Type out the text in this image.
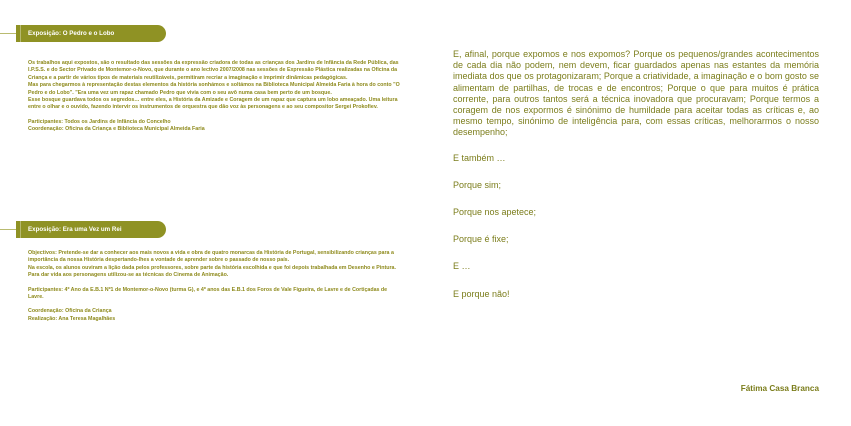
Exposição: O Pedro e o Lobo

Os trabalhos aqui expostos, são o resultado das sessões da expressão criadora de todas as crianças dos Jardins de Infância da Rede Pública, das I.P.S.S. e do Sector Privado de Montemor-o-Novo, que durante o ano lectivo 2007/2008 nas sessões de Expressão Plástica realizadas na Oficina da Criança e a partir de vários tipos de materiais reutilizáveis, permitiram recriar a imaginação e imprimir dinâmicas pedagógicas.

Mas para chegarmos à representação destas elementos da história sonhámos e soltámos na Biblioteca Municipal Almeida Faria à hora do conto "O Pedro e do Lobo". "Era uma vez um rapaz chamado Pedro que vivia com o seu avô numa casa bem perto de um bosque.

Esse bosque guardava todos os segredos… entre eles, a História da Amizade e Coragem de um rapaz que captura um lobo ameaçado. Uma leitura entre o olhar e o ouvido, fazendo intervir os instrumentos de orquestra que dão voz às personagens e ao seu compositor Sergei Prokofiev.

Participantes: Todos os Jardins de Infância do Concelho

Coordenação: Oficina da Criança e Biblioteca Municipal Almeida Faria

Exposição: Era uma Vez um Rei

Objectivos: Pretende-se dar a conhecer aos mais novos a vida e obra de quatro monarcas da História de Portugal, sensibilizando crianças para a importância da nossa História despertando-lhes a vontade de aprender sobre o passado de nosso país.

Na escola, os alunos ouviram a lição dada pelos professores, sobre parte da história escolhida e que foi depois trabalhada em Desenho e Pintura.

Para dar vida aos personagens utilizou-se as técnicas do Cinema de Animação.

Participantes: 4º Ano da E.B.1 Nº1 de Montemor-o-Novo (turma G), e 4º anos das E.B.1 dos Foros de Vale Figueira, de Lavre e de Cortiçadas de Lavre.

Coordenação: Oficina da Criança

Realização: Ana Teresa Magalhães

E, afinal, porque expomos e nos expomos? Porque os pequenos/grandes acontecimentos de cada dia não podem, nem devem, ficar guardados apenas nas estantes da memória imediata dos que os protagonizaram; Porque a criatividade, a imaginação e o bom gosto se alimentam de partilhas, de trocas e de encontros; Porque o que para muitos é prática corrente, para outros tantos será a técnica inovadora que procuravam; Porque termos a coragem de nos expormos é sinónimo de humildade para aceitar todas as críticas e, ao mesmo tempo, sinónimo de inteligência para, com essas críticas, melhorarmos o nosso desempenho;

E também …

Porque sim;

Porque nos apetece;

Porque é fixe;

E …

E porque não!

Fátima Casa Branca
